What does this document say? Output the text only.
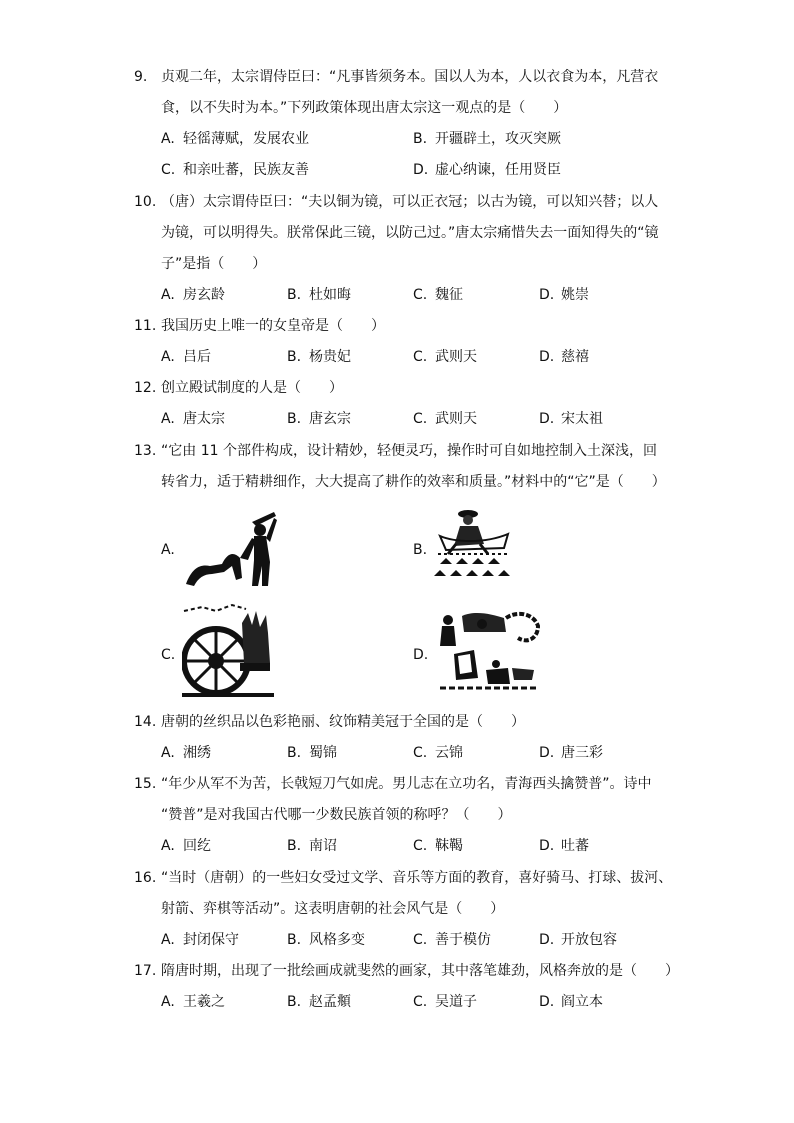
9. 贞观二年，太宗谓侍臣曰：“凡事皆须务本。国以人为本，人以衣食为本，凡营衣
食，以不失时为本。”下列政策体现出唐太宗这一观点的是（　　）
A. 轻徭薄赋，发展农业	B. 开疆辟土，攻灭突厥
C. 和亲吐蕃，民族友善	D. 虚心纳谏，任用贤臣
10. （唐）太宗谓侍臣曰：“夫以铜为镜，可以正衣冠；以古为镜，可以知兴替；以人
为镜，可以明得失。朕常保此三镜，以防己过。”唐太宗痛惜失去一面知得失的“镜
子”是指（　　）
A. 房玄龄	B. 杜如晦	C. 魏征	D. 姚崇
11. 我国历史上唯一的女皇帝是（　　）
A. 吕后	B. 杨贵妃	C. 武则天	D. 慈禧
12. 创立殿试制度的人是（　　）
A. 唐太宗	B. 唐玄宗	C. 武则天	D. 宋太祖
13. “它由 11 个部件构成，设计精妙，轻便灵巧，操作时可自如地控制入土深浅，回
转省力，适于精耕细作，大大提高了耕作的效率和质量。”材料中的“它”是（　　）
A.	B.
C.	D.
14. 唐朝的丝织品以色彩艳丽、纹饰精美冠于全国的是（　　）
A. 湘绣	B. 蜀锦	C. 云锦	D. 唐三彩
15. “年少从军不为苦，长戟短刀气如虎。男儿志在立功名，青海西头擒赞普”。诗中
“赞普”是对我国古代哪一少数民族首领的称呼？（　　）
A. 回纥	B. 南诏	C. 靺鞨	D. 吐蕃
16. “当时（唐朝）的一些妇女受过文学、音乐等方面的教育，喜好骑马、打球、拔河、
射箭、弈棋等活动”。这表明唐朝的社会风气是（　　）
A. 封闭保守	B. 风格多变	C. 善于模仿	D. 开放包容
17. 隋唐时期，出现了一批绘画成就斐然的画家，其中落笔雄劲，风格奔放的是（　　）
A. 王羲之	B. 赵孟頫	C. 吴道子	D. 阎立本
